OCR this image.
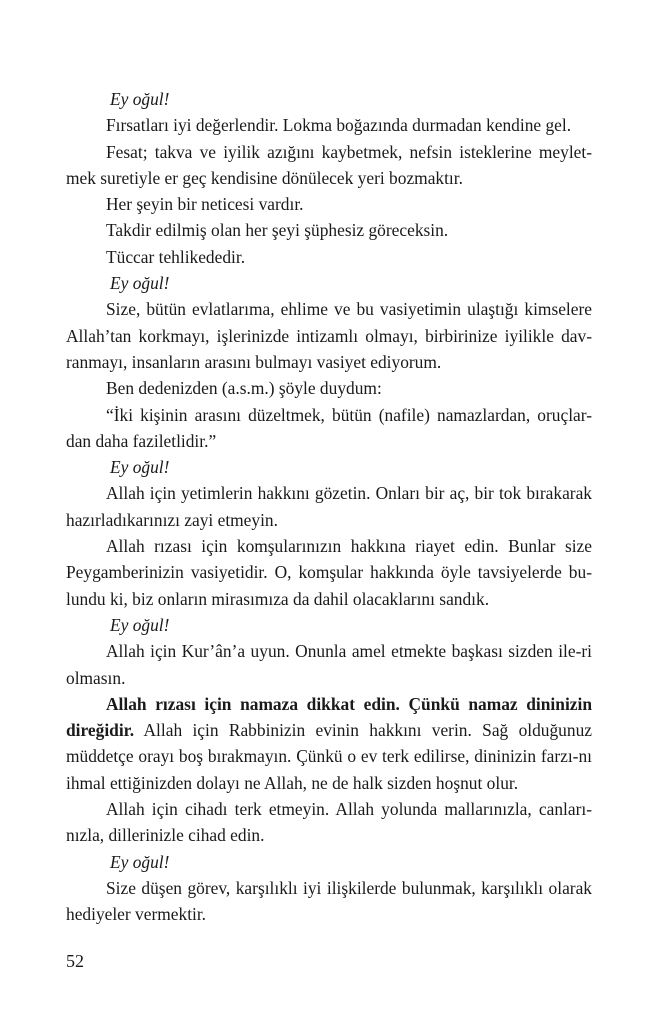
Ey oğul!

Fırsatları iyi değerlendir. Lokma boğazında durmadan kendine gel.

Fesat; takva ve iyilik azığını kaybetmek, nefsin isteklerine meylet-mek suretiyle er geç kendisine dönülecek yeri bozmaktır.

Her şeyin bir neticesi vardır.

Takdir edilmiş olan her şeyi şüphesiz göreceksin.

Tüccar tehlikededir.

Ey oğul!

Size, bütün evlatlarıma, ehlime ve bu vasiyetimin ulaştığı kimselere Allah’tan korkmayı, işlerinizde intizamlı olmayı, birbirinize iyilikle dav-ranmayı, insanların arasını bulmayı vasiyet ediyorum.

Ben dedenizden (a.s.m.) şöyle duydum:

“İki kişinin arasını düzeltmek, bütün (nafile) namazlardan, oruçlar-dan daha faziletlidir.”

Ey oğul!

Allah için yetimlerin hakkını gözetin. Onları bir aç, bir tok bırakarak hazırladıkarınızı zayi etmeyin.

Allah rızası için komşularınızın hakkına riayet edin. Bunlar size Peygamberinizin vasiyetidir. O, komşular hakkında öyle tavsiyelerde bu-lundu ki, biz onların mirasımıza da dahil olacaklarını sandık.

Ey oğul!

Allah için Kur’ân’a uyun. Onunla amel etmekte başkası sizden ile-ri olmasın.

Allah rızası için namaza dikkat edin. Çünkü namaz dininizin direğidir. Allah için Rabbinizin evinin hakkını verin. Sağ olduğunuz müddetçe orayı boş bırakmayın. Çünkü o ev terk edilirse, dininizin farzı-nı ihmal ettiğinizden dolayı ne Allah, ne de halk sizden hoşnut olur.

Allah için cihadı terk etmeyin. Allah yolunda mallarınızla, canları-nızla, dillerinizle cihad edin.

Ey oğul!

Size düşen görev, karşılıklı iyi ilişkilerde bulunmak, karşılıklı olarak hediyeler vermektir.

52
